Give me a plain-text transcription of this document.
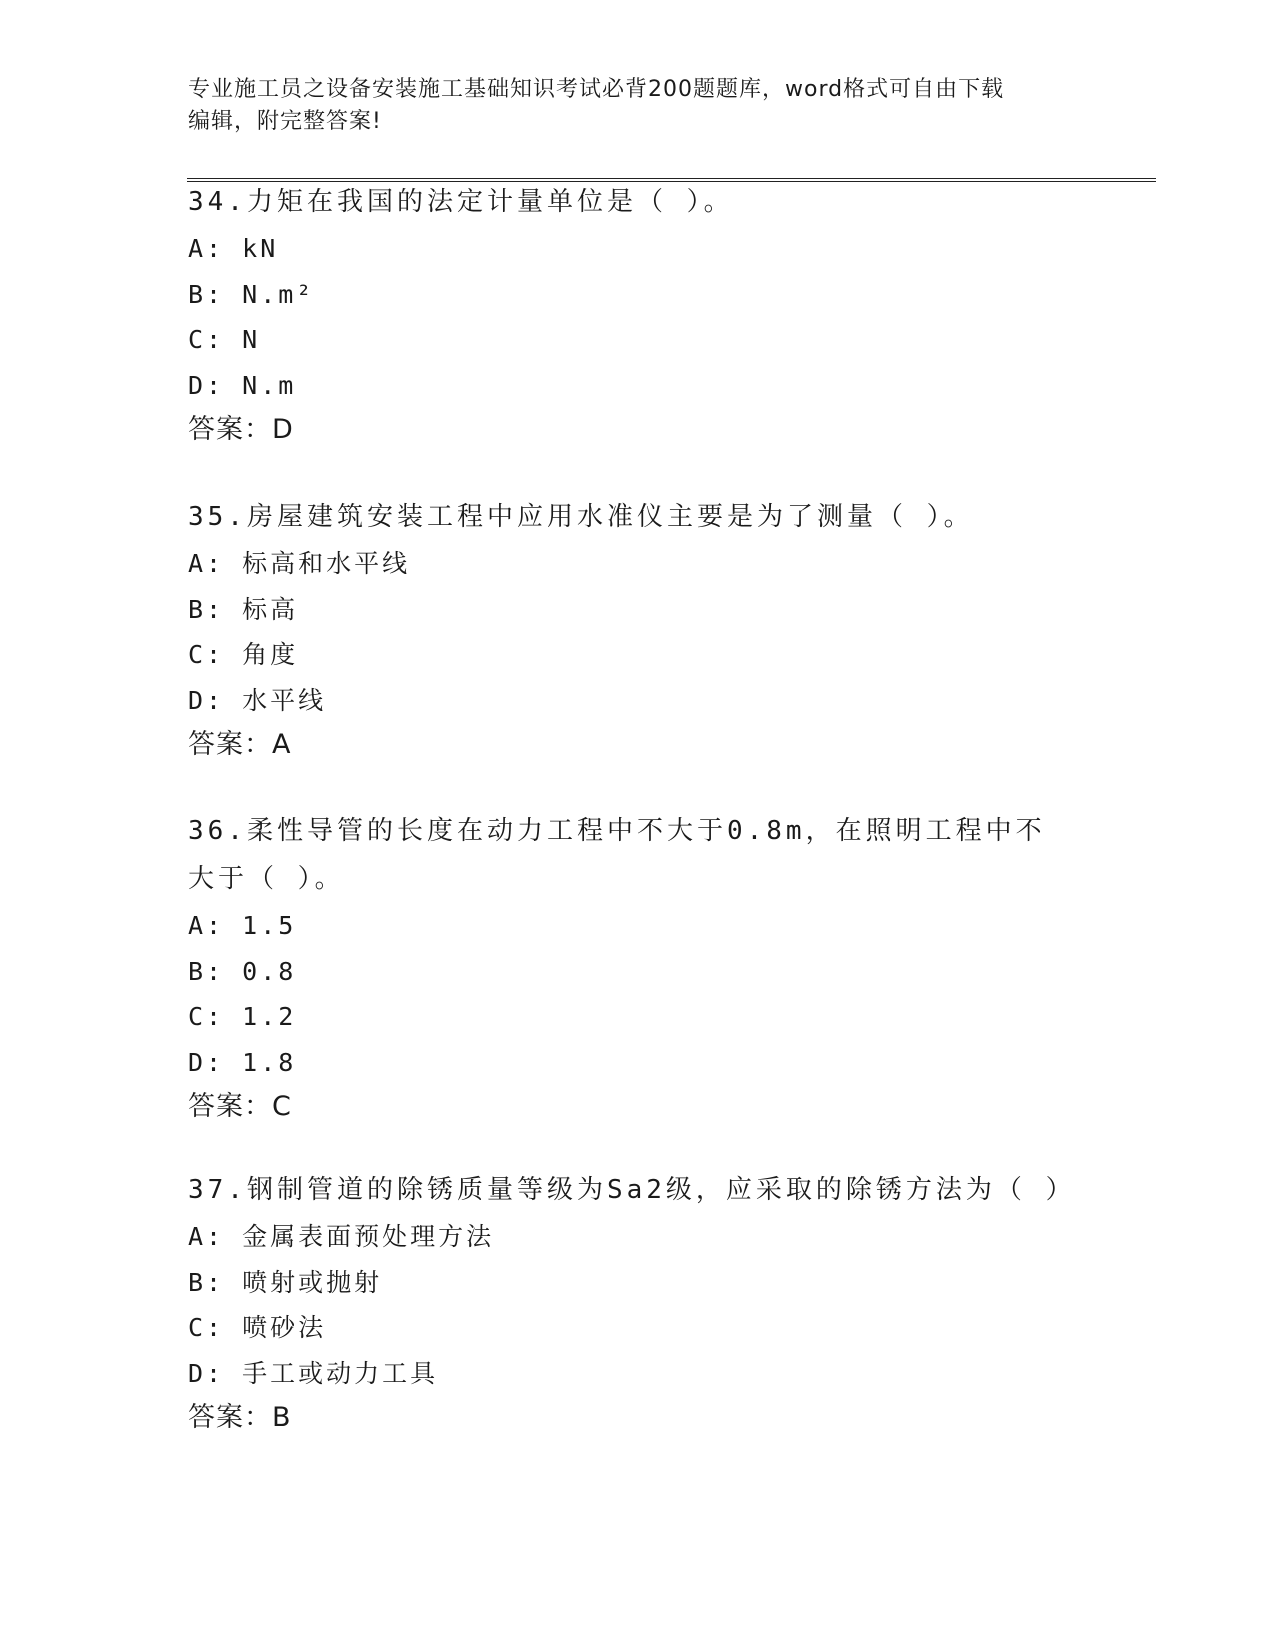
专业施工员之设备安装施工基础知识考试必背200题题库，word格式可自由下载
编辑，附完整答案!
34.力矩在我国的法定计量单位是（ ）。
A: kN
B: N.m²
C: N
D: N.m
答案：D
35.房屋建筑安装工程中应用水准仪主要是为了测量（ ）。
A: 标高和水平线
B: 标高
C: 角度
D: 水平线
答案：A
36.柔性导管的长度在动力工程中不大于0.8m，在照明工程中不大于（ ）。
A: 1.5
B: 0.8
C: 1.2
D: 1.8
答案：C
37.钢制管道的除锈质量等级为Sa2级，应采取的除锈方法为（ ）
A: 金属表面预处理方法
B: 喷射或抛射
C: 喷砂法
D: 手工或动力工具
答案：B
